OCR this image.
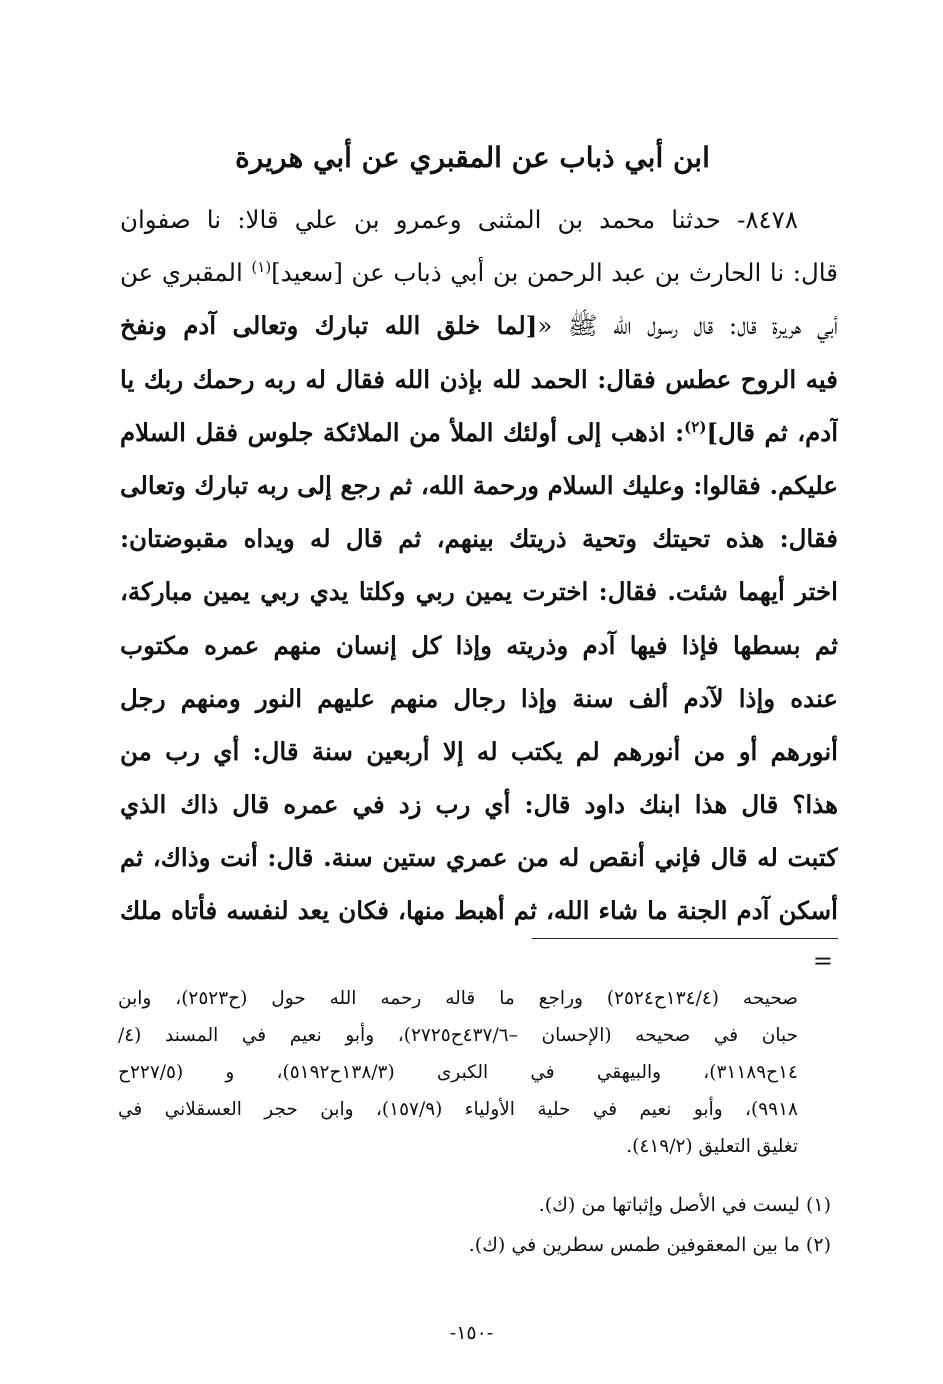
ابن أبي ذباب عن المقبري عن أبي هريرة
٨٤٧٨- حدثنا محمد بن المثنى وعمرو بن علي قالا: نا صفوان
قال: نا الحارث بن عبد الرحمن بن أبي ذباب عن [سعيد]$^{(١)}$ المقبري عن
أبي هريرة قال: قال رسول الله ﷺ «[لما خلق الله تبارك وتعالى آدم ونفخ
فيه الروح عطس فقال: الحمد لله بإذن الله فقال له ربه رحمك ربك يا
آدم، ثم قال]$^{(٢)}$: اذهب إلى أولئك الملأ من الملائكة جلوس فقل السلام
عليكم. فقالوا: وعليك السلام ورحمة الله، ثم رجع إلى ربه تبارك وتعالى
فقال: هذه تحيتك وتحية ذريتك بينهم، ثم قال له ويداه مقبوضتان:
اختر أيهما شئت. فقال: اخترت يمين ربي وكلتا يدي ربي يمين مباركة،
ثم بسطها فإذا فيها آدم وذريته وإذا كل إنسان منهم عمره مكتوب
عنده وإذا لآدم ألف سنة وإذا رجال منهم عليهم النور ومنهم رجل
أنورهم أو من أنورهم لم يكتب له إلا أربعين سنة قال: أي رب من
هذا؟ قال هذا ابنك داود قال: أي رب زد في عمره قال ذاك الذي
كتبت له قال فإني أنقص له من عمري ستين سنة. قال: أنت وذاك، ثم
أسكن آدم الجنة ما شاء الله، ثم أهبط منها، فكان يعد لنفسه فأتاه ملك
=
صحيحه (١٣٤/٤ح٢٥٢٤) وراجع ما قاله رحمه الله حول (ح٢٥٢٣)، وابن
حبان في صحيحه (الإحسان –٤٣٧/٦ح٢٧٢٥)، وأبو نعيم في المسند (٤/
١٤ح٣١١٨٩)، والبيهقي في الكبرى (١٣٨/٣ح٥١٩٢)، و (٢٢٧/٥ح
٩٩١٨)، وأبو نعيم في حلية الأولياء (١٥٧/٩)، وابن حجر العسقلاني في
تغليق التعليق (٤١٩/٢).
(١) ليست في الأصل وإثباتها من (ك).
(٢) ما بين المعقوفين طمس سطرين في (ك).
-١٥٠-
